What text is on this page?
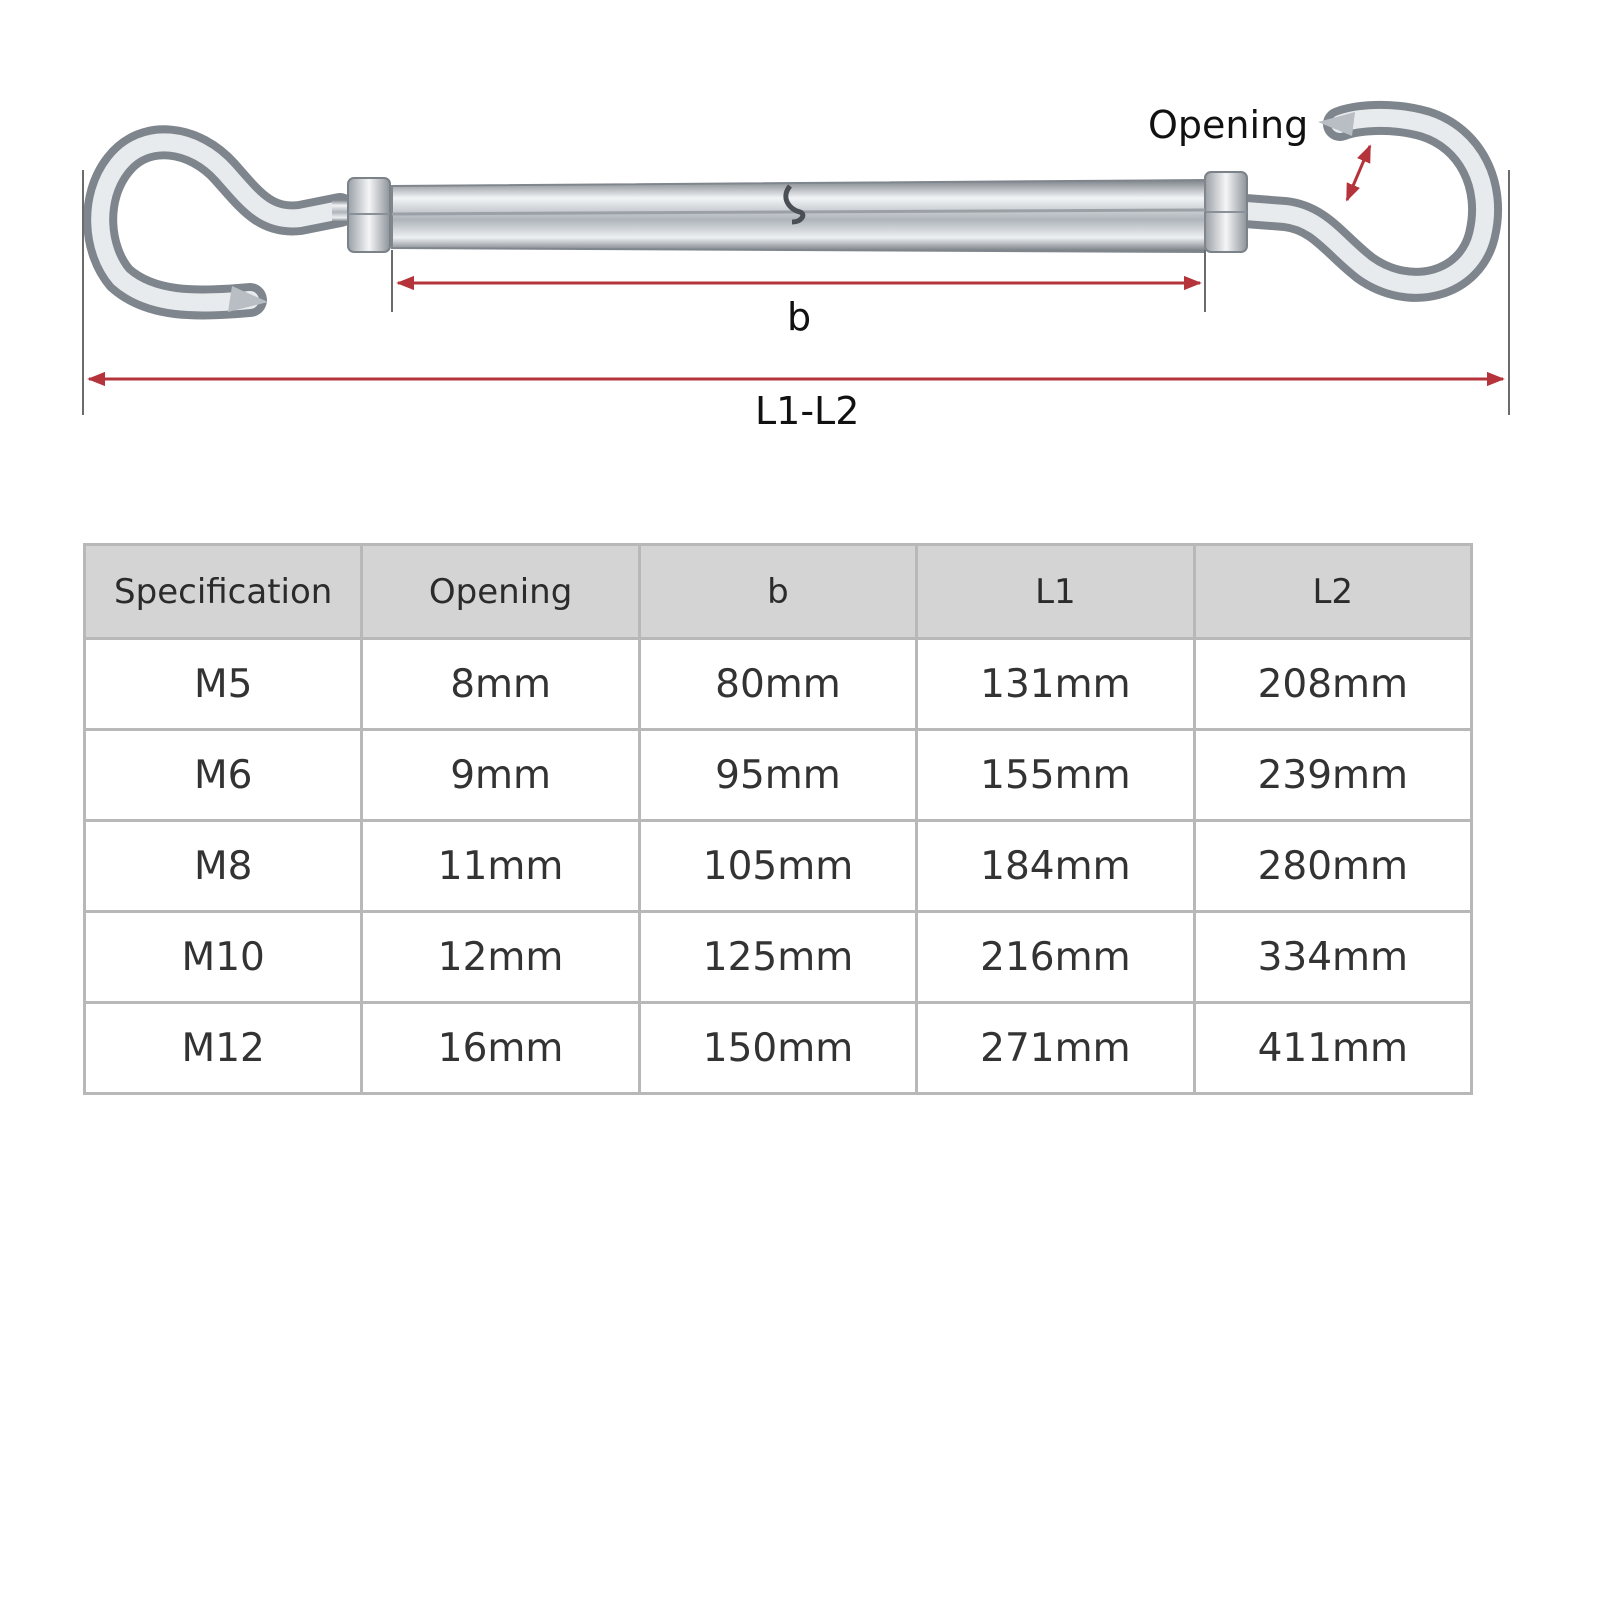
Opening
b
L1-L2
Specification	Opening	b	L1	L2
M5	8mm	80mm	131mm	208mm
M6	9mm	95mm	155mm	239mm
M8	11mm	105mm	184mm	280mm
M10	12mm	125mm	216mm	334mm
M12	16mm	150mm	271mm	411mm
